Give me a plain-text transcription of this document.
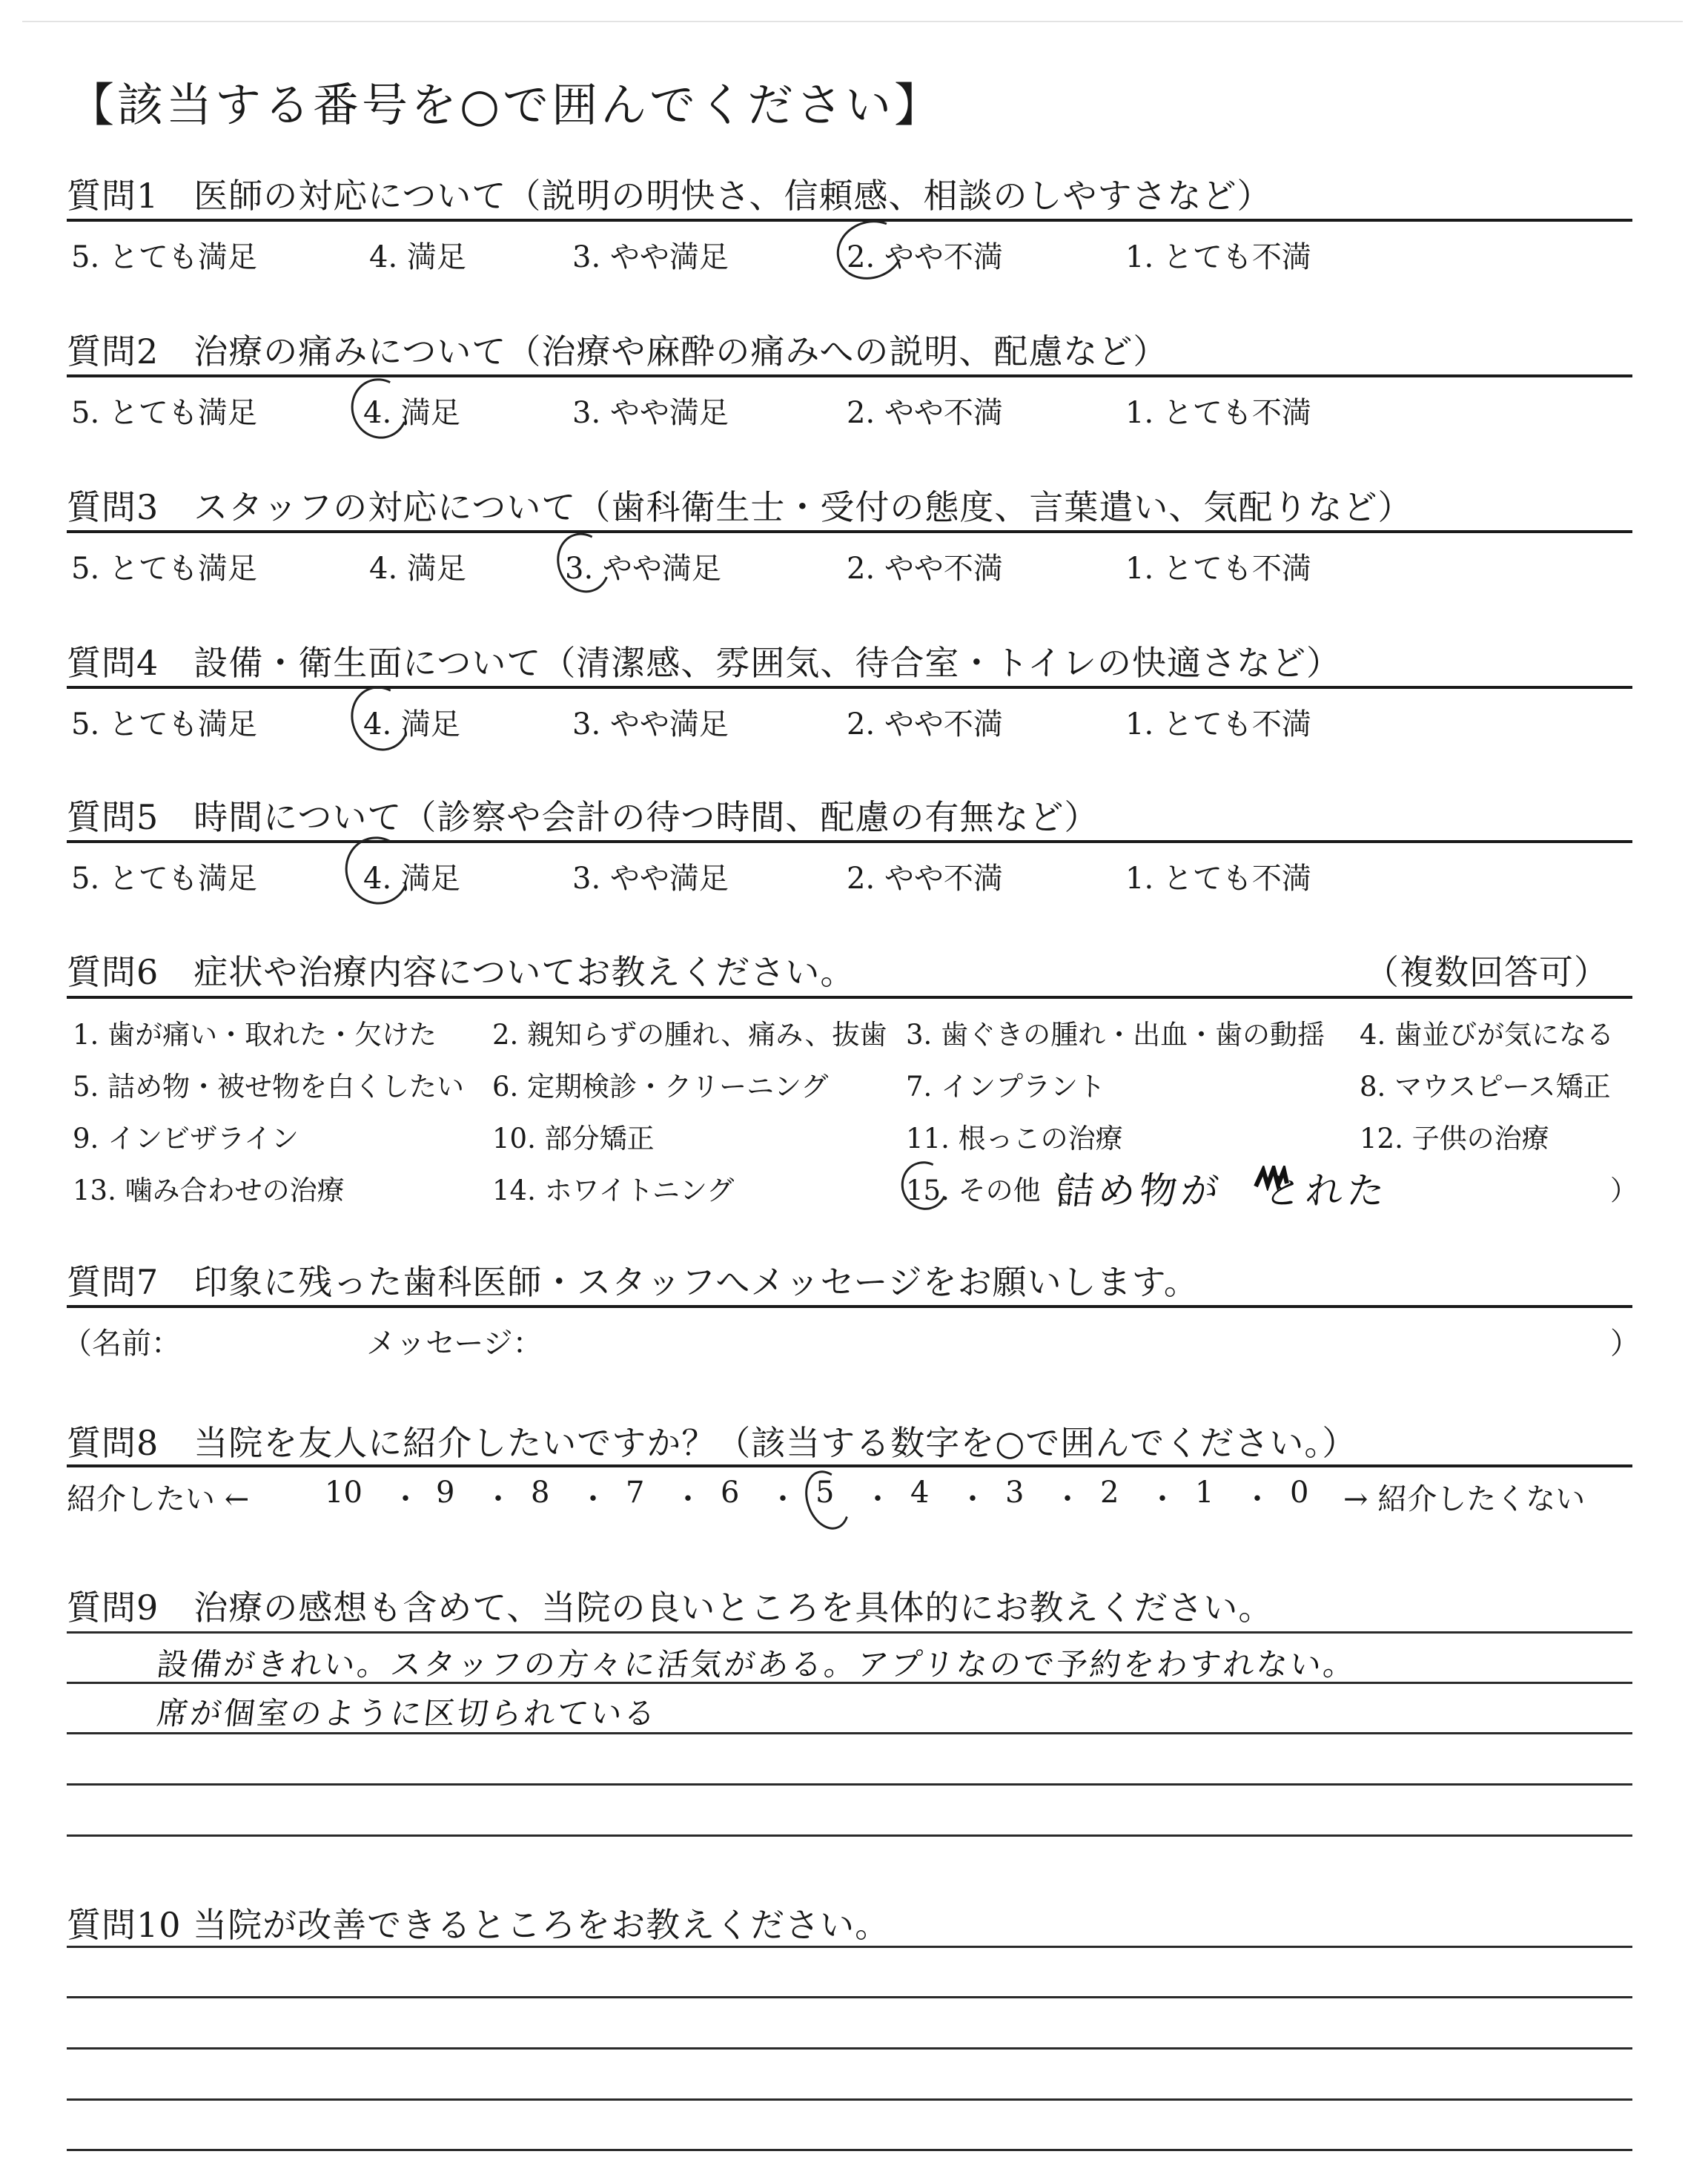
【該当する番号を○で囲んでください】
質問1　医師の対応について（説明の明快さ、信頼感、相談のしやすさなど）
5. とても満足	4. 満足	3. やや満足	2. やや不満	1. とても不満
質問2　治療の痛みについて（治療や麻酔の痛みへの説明、配慮など）
5. とても満足	4. 満足	3. やや満足	2. やや不満	1. とても不満
質問3　スタッフの対応について（歯科衛生士・受付の態度、言葉遣い、気配りなど）
5. とても満足	4. 満足	3. やや満足	2. やや不満	1. とても不満
質問4　設備・衛生面について（清潔感、雰囲気、待合室・トイレの快適さなど）
5. とても満足	4. 満足	3. やや満足	2. やや不満	1. とても不満
質問5　時間について（診察や会計の待つ時間、配慮の有無など）
5. とても満足	4. 満足	3. やや満足	2. やや不満	1. とても不満
質問6　症状や治療内容についてお教えください。	（複数回答可）
1. 歯が痛い・取れた・欠けた 2. 親知らずの腫れ、痛み、抜歯 3. 歯ぐきの腫れ・出血・歯の動揺 4. 歯並びが気になる
5. 詰め物・被せ物を白くしたい 6. 定期検診・クリーニング	7. インプラント	8. マウスピース矯正
9. インビザライン	10. 部分矯正	11. 根っこの治療	12. 子供の治療
13. 噛み合わせの治療	14. ホワイトニング	15. その他（	）
詰め物が　とれた
質問7　印象に残った歯科医師・スタッフへメッセージをお願いします。
（名前：	メッセージ：	）
質問8　当院を友人に紹介したいですか？（該当する数字を○で囲んでください。）
紹介したい ←	→ 紹介したくない
10 ・ 9 ・ 8 ・ 7 ・ 6 ・ 5 ・ 4 ・ 3 ・ 2 ・ 1 ・ 0
質問9　治療の感想も含めて、当院の良いところを具体的にお教えください。
設備がきれい。スタッフの方々に活気がある。アプリなので予約をわすれない。
席が個室のように区切られている
質問10 当院が改善できるところをお教えください。
